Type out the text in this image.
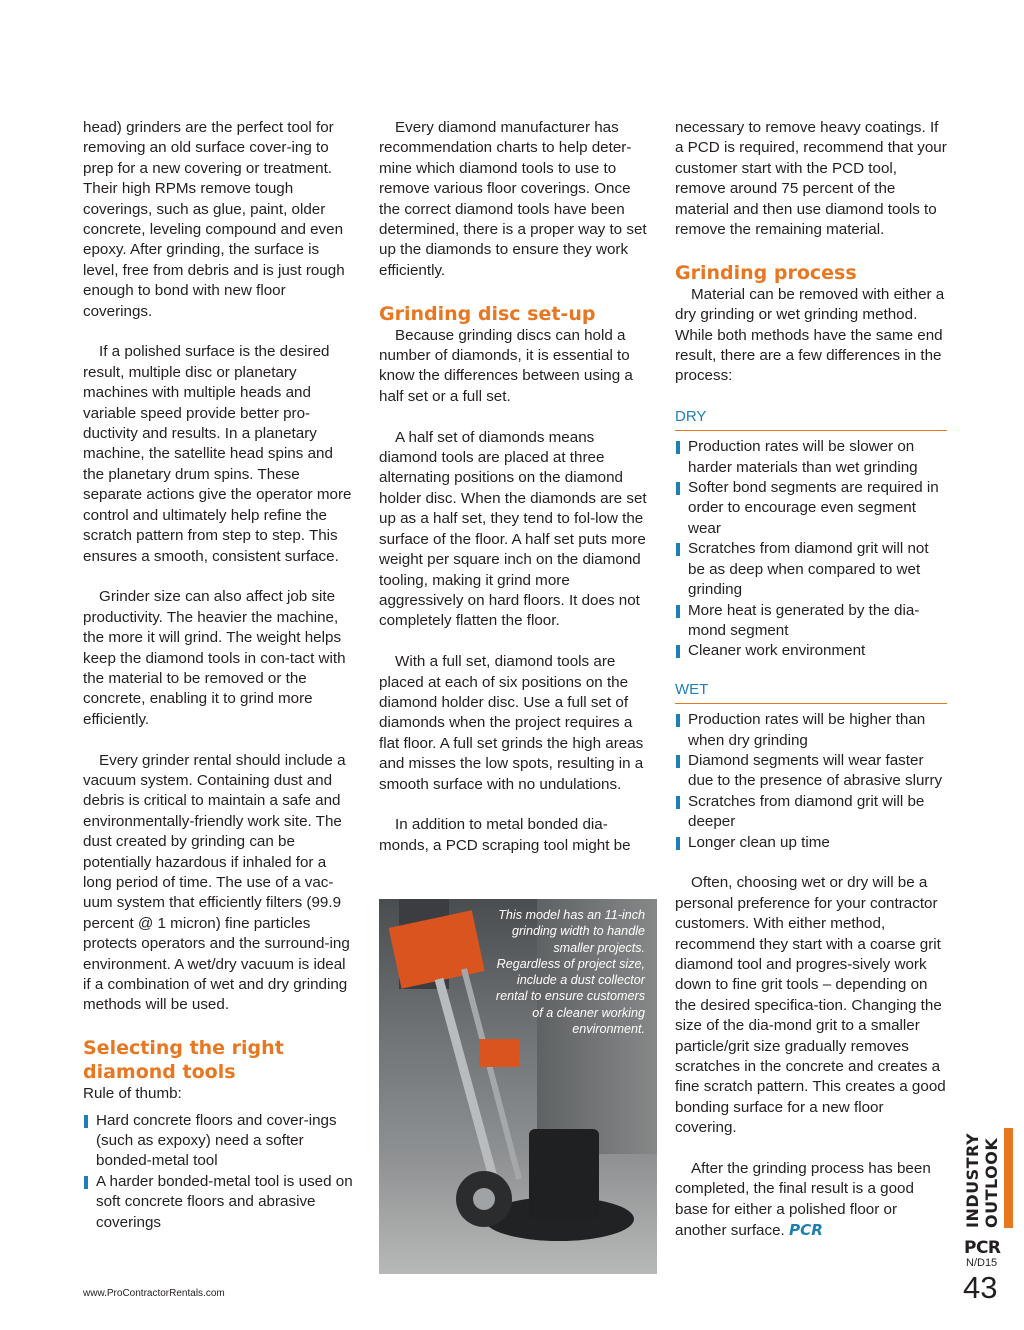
head) grinders are the perfect tool for removing an old surface cover-ing to prep for a new covering or treatment. Their high RPMs remove tough coverings, such as glue, paint, older concrete, leveling compound and even epoxy. After grinding, the surface is level, free from debris and is just rough enough to bond with new floor coverings.

If a polished surface is the desired result, multiple disc or planetary machines with multiple heads and variable speed provide better pro-ductivity and results. In a planetary machine, the satellite head spins and the planetary drum spins. These separate actions give the operator more control and ultimately help refine the scratch pattern from step to step. This ensures a smooth, consistent surface.

Grinder size can also affect job site productivity. The heavier the machine, the more it will grind. The weight helps keep the diamond tools in con-tact with the material to be removed or the concrete, enabling it to grind more efficiently.

Every grinder rental should include a vacuum system. Containing dust and debris is critical to maintain a safe and environmentally-friendly work site. The dust created by grinding can be potentially hazardous if inhaled for a long period of time. The use of a vac-uum system that efficiently filters (99.9 percent @ 1 micron) fine particles protects operators and the surround-ing environment. A wet/dry vacuum is ideal if a combination of wet and dry grinding methods will be used.

Selecting the right diamond tools
Rule of thumb:
Hard concrete floors and cover-ings (such as expoxy) need a softer bonded-metal tool
A harder bonded-metal tool is used on soft concrete floors and abrasive coverings

Every diamond manufacturer has recommendation charts to help deter-mine which diamond tools to use to remove various floor coverings. Once the correct diamond tools have been determined, there is a proper way to set up the diamonds to ensure they work efficiently.

Grinding disc set-up

Because grinding discs can hold a number of diamonds, it is essential to know the differences between using a half set or a full set.

A half set of diamonds means diamond tools are placed at three alternating positions on the diamond holder disc. When the diamonds are set up as a half set, they tend to fol-low the surface of the floor. A half set puts more weight per square inch on the diamond tooling, making it grind more aggressively on hard floors. It does not completely flatten the floor.

With a full set, diamond tools are placed at each of six positions on the diamond holder disc. Use a full set of diamonds when the project requires a flat floor. A full set grinds the high areas and misses the low spots, resulting in a smooth surface with no undulations.

In addition to metal bonded dia-monds, a PCD scraping tool might be

This model has an 11-inch grinding width to handle smaller projects. Regardless of project size, include a dust collector rental to ensure customers of a cleaner working environment.

necessary to remove heavy coatings. If a PCD is required, recommend that your customer start with the PCD tool, remove around 75 percent of the material and then use diamond tools to remove the remaining material.

Grinding process

Material can be removed with either a dry grinding or wet grinding method. While both methods have the same end result, there are a few differences in the process:

DRY
Production rates will be slower on harder materials than wet grinding
Softer bond segments are required in order to encourage even segment wear
Scratches from diamond grit will not be as deep when compared to wet grinding
More heat is generated by the dia-mond segment
Cleaner work environment
WET
Production rates will be higher than when dry grinding
Diamond segments will wear faster due to the presence of abrasive slurry
Scratches from diamond grit will be deeper
Longer clean up time

Often, choosing wet or dry will be a personal preference for your contractor customers. With either method, recommend they start with a coarse grit diamond tool and progres-sively work down to fine grit tools – depending on the desired specifica-tion. Changing the size of the dia-mond grit to a smaller particle/grit size gradually removes scratches in the concrete and creates a fine scratch pattern. This creates a good bonding surface for a new floor covering.

After the grinding process has been completed, the final result is a good base for either a polished floor or another surface. PCR

www.ProContractorRentals.com
INDUSTRY OUTLOOK
PCR
N/D15
43
